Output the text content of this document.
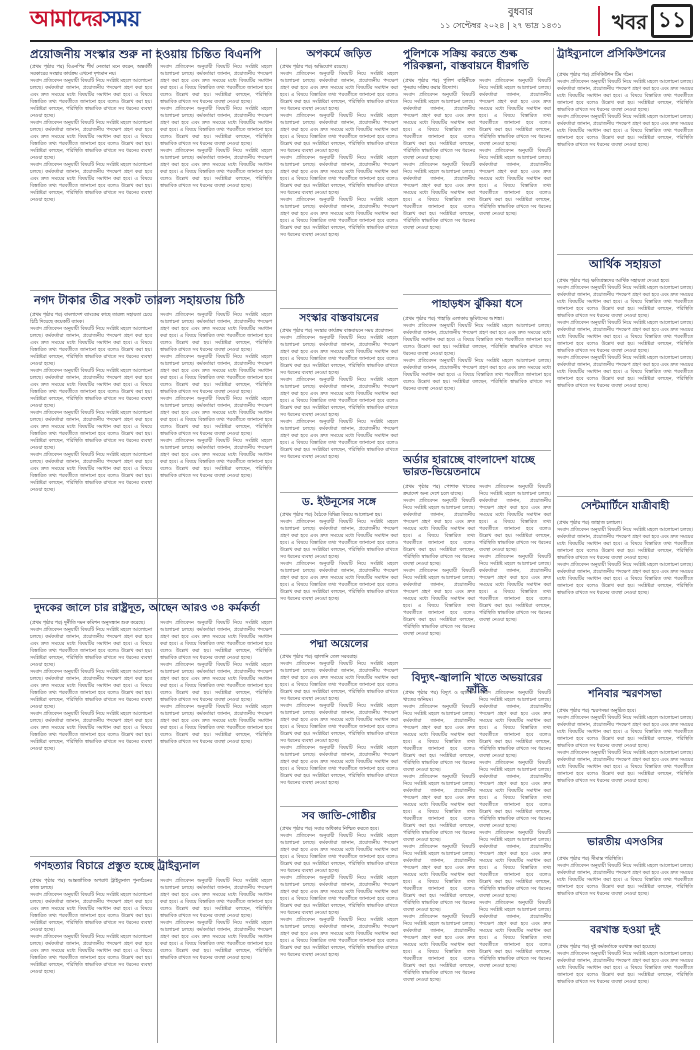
আমাদেরসময়	বুধবার
১১ সেপ্টেম্বর ২০২৪ | ২৭ ভাদ্র ১৪৩১ খবর ১১
প্রয়োজনীয় সংস্কার শুরু না হওয়ায় চিন্তিত বিএনপি
(প্রথম পৃষ্ঠার পর) বিএনপির শীর্ষ নেতারা মনে করেন, অন্তর্বর্তী সরকারের সংস্কার কার্যক্রম এখনো দৃশ্যমান নয়।
সংবাদ প্রতিবেদন অনুযায়ী বিষয়টি নিয়ে সংশ্লিষ্ট মহলে আলোচনা চলছে। কর্মকর্তারা জানান, প্রয়োজনীয় পদক্ষেপ গ্রহণ করা হবে এবং দ্রুত সময়ের মধ্যে বিষয়টির সমাধান করা হবে। এ বিষয়ে বিস্তারিত তথ্য পরবর্তীতে জানানো হবে বলেও উল্লেখ করা হয়। সংশ্লিষ্টরা বলছেন, পরিস্থিতি স্বাভাবিক রাখতে সব ধরনের ব্যবস্থা নেওয়া হচ্ছে।
সংবাদ প্রতিবেদন অনুযায়ী বিষয়টি নিয়ে সংশ্লিষ্ট মহলে আলোচনা চলছে। কর্মকর্তারা জানান, প্রয়োজনীয় পদক্ষেপ গ্রহণ করা হবে এবং দ্রুত সময়ের মধ্যে বিষয়টির সমাধান করা হবে। এ বিষয়ে বিস্তারিত তথ্য পরবর্তীতে জানানো হবে বলেও উল্লেখ করা হয়। সংশ্লিষ্টরা বলছেন, পরিস্থিতি স্বাভাবিক রাখতে সব ধরনের ব্যবস্থা নেওয়া হচ্ছে।
সংবাদ প্রতিবেদন অনুযায়ী বিষয়টি নিয়ে সংশ্লিষ্ট মহলে আলোচনা চলছে। কর্মকর্তারা জানান, প্রয়োজনীয় পদক্ষেপ গ্রহণ করা হবে এবং দ্রুত সময়ের মধ্যে বিষয়টির সমাধান করা হবে। এ বিষয়ে বিস্তারিত তথ্য পরবর্তীতে জানানো হবে বলেও উল্লেখ করা হয়। সংশ্লিষ্টরা বলছেন, পরিস্থিতি স্বাভাবিক রাখতে সব ধরনের ব্যবস্থা নেওয়া হচ্ছে।
সংবাদ প্রতিবেদন অনুযায়ী বিষয়টি নিয়ে সংশ্লিষ্ট মহলে আলোচনা চলছে। কর্মকর্তারা জানান, প্রয়োজনীয় পদক্ষেপ গ্রহণ করা হবে এবং দ্রুত সময়ের মধ্যে বিষয়টির সমাধান করা হবে। এ বিষয়ে বিস্তারিত তথ্য পরবর্তীতে জানানো হবে বলেও উল্লেখ করা হয়। সংশ্লিষ্টরা বলছেন, পরিস্থিতি স্বাভাবিক রাখতে সব ধরনের ব্যবস্থা নেওয়া হচ্ছে।
সংবাদ প্রতিবেদন অনুযায়ী বিষয়টি নিয়ে সংশ্লিষ্ট মহলে আলোচনা চলছে। কর্মকর্তারা জানান, প্রয়োজনীয় পদক্ষেপ গ্রহণ করা হবে এবং দ্রুত সময়ের মধ্যে বিষয়টির সমাধান করা হবে। এ বিষয়ে বিস্তারিত তথ্য পরবর্তীতে জানানো হবে বলেও উল্লেখ করা হয়। সংশ্লিষ্টরা বলছেন, পরিস্থিতি স্বাভাবিক রাখতে সব ধরনের ব্যবস্থা নেওয়া হচ্ছে।
সংবাদ প্রতিবেদন অনুযায়ী বিষয়টি নিয়ে সংশ্লিষ্ট মহলে আলোচনা চলছে। কর্মকর্তারা জানান, প্রয়োজনীয় পদক্ষেপ গ্রহণ করা হবে এবং দ্রুত সময়ের মধ্যে বিষয়টির সমাধান করা হবে। এ বিষয়ে বিস্তারিত তথ্য পরবর্তীতে জানানো হবে বলেও উল্লেখ করা হয়। সংশ্লিষ্টরা বলছেন, পরিস্থিতি স্বাভাবিক রাখতে সব ধরনের ব্যবস্থা নেওয়া হচ্ছে।
নগদ টাকার তীব্র সংকট তারল্য সহায়তায় চিঠি
(প্রথম পৃষ্ঠার পর) বাংলাদেশ ব্যাংকের কাছে তারল্য সহায়তা চেয়ে চিঠি দিয়েছে কয়েকটি ব্যাংক।
সংবাদ প্রতিবেদন অনুযায়ী বিষয়টি নিয়ে সংশ্লিষ্ট মহলে আলোচনা চলছে। কর্মকর্তারা জানান, প্রয়োজনীয় পদক্ষেপ গ্রহণ করা হবে এবং দ্রুত সময়ের মধ্যে বিষয়টির সমাধান করা হবে। এ বিষয়ে বিস্তারিত তথ্য পরবর্তীতে জানানো হবে বলেও উল্লেখ করা হয়। সংশ্লিষ্টরা বলছেন, পরিস্থিতি স্বাভাবিক রাখতে সব ধরনের ব্যবস্থা নেওয়া হচ্ছে।
সংবাদ প্রতিবেদন অনুযায়ী বিষয়টি নিয়ে সংশ্লিষ্ট মহলে আলোচনা চলছে। কর্মকর্তারা জানান, প্রয়োজনীয় পদক্ষেপ গ্রহণ করা হবে এবং দ্রুত সময়ের মধ্যে বিষয়টির সমাধান করা হবে। এ বিষয়ে বিস্তারিত তথ্য পরবর্তীতে জানানো হবে বলেও উল্লেখ করা হয়। সংশ্লিষ্টরা বলছেন, পরিস্থিতি স্বাভাবিক রাখতে সব ধরনের ব্যবস্থা নেওয়া হচ্ছে।
সংবাদ প্রতিবেদন অনুযায়ী বিষয়টি নিয়ে সংশ্লিষ্ট মহলে আলোচনা চলছে। কর্মকর্তারা জানান, প্রয়োজনীয় পদক্ষেপ গ্রহণ করা হবে এবং দ্রুত সময়ের মধ্যে বিষয়টির সমাধান করা হবে। এ বিষয়ে বিস্তারিত তথ্য পরবর্তীতে জানানো হবে বলেও উল্লেখ করা হয়। সংশ্লিষ্টরা বলছেন, পরিস্থিতি স্বাভাবিক রাখতে সব ধরনের ব্যবস্থা নেওয়া হচ্ছে।
সংবাদ প্রতিবেদন অনুযায়ী বিষয়টি নিয়ে সংশ্লিষ্ট মহলে আলোচনা চলছে। কর্মকর্তারা জানান, প্রয়োজনীয় পদক্ষেপ গ্রহণ করা হবে এবং দ্রুত সময়ের মধ্যে বিষয়টির সমাধান করা হবে। এ বিষয়ে বিস্তারিত তথ্য পরবর্তীতে জানানো হবে বলেও উল্লেখ করা হয়। সংশ্লিষ্টরা বলছেন, পরিস্থিতি স্বাভাবিক রাখতে সব ধরনের ব্যবস্থা নেওয়া হচ্ছে।
সংবাদ প্রতিবেদন অনুযায়ী বিষয়টি নিয়ে সংশ্লিষ্ট মহলে আলোচনা চলছে। কর্মকর্তারা জানান, প্রয়োজনীয় পদক্ষেপ গ্রহণ করা হবে এবং দ্রুত সময়ের মধ্যে বিষয়টির সমাধান করা হবে। এ বিষয়ে বিস্তারিত তথ্য পরবর্তীতে জানানো হবে বলেও উল্লেখ করা হয়। সংশ্লিষ্টরা বলছেন, পরিস্থিতি স্বাভাবিক রাখতে সব ধরনের ব্যবস্থা নেওয়া হচ্ছে।
সংবাদ প্রতিবেদন অনুযায়ী বিষয়টি নিয়ে সংশ্লিষ্ট মহলে আলোচনা চলছে। কর্মকর্তারা জানান, প্রয়োজনীয় পদক্ষেপ গ্রহণ করা হবে এবং দ্রুত সময়ের মধ্যে বিষয়টির সমাধান করা হবে। এ বিষয়ে বিস্তারিত তথ্য পরবর্তীতে জানানো হবে বলেও উল্লেখ করা হয়। সংশ্লিষ্টরা বলছেন, পরিস্থিতি স্বাভাবিক রাখতে সব ধরনের ব্যবস্থা নেওয়া হচ্ছে।
সংবাদ প্রতিবেদন অনুযায়ী বিষয়টি নিয়ে সংশ্লিষ্ট মহলে আলোচনা চলছে। কর্মকর্তারা জানান, প্রয়োজনীয় পদক্ষেপ গ্রহণ করা হবে এবং দ্রুত সময়ের মধ্যে বিষয়টির সমাধান করা হবে। এ বিষয়ে বিস্তারিত তথ্য পরবর্তীতে জানানো হবে বলেও উল্লেখ করা হয়। সংশ্লিষ্টরা বলছেন, পরিস্থিতি স্বাভাবিক রাখতে সব ধরনের ব্যবস্থা নেওয়া হচ্ছে।
সংবাদ প্রতিবেদন অনুযায়ী বিষয়টি নিয়ে সংশ্লিষ্ট মহলে আলোচনা চলছে। কর্মকর্তারা জানান, প্রয়োজনীয় পদক্ষেপ গ্রহণ করা হবে এবং দ্রুত সময়ের মধ্যে বিষয়টির সমাধান করা হবে। এ বিষয়ে বিস্তারিত তথ্য পরবর্তীতে জানানো হবে বলেও উল্লেখ করা হয়। সংশ্লিষ্টরা বলছেন, পরিস্থিতি স্বাভাবিক রাখতে সব ধরনের ব্যবস্থা নেওয়া হচ্ছে।
দুদকের জালে চার রাষ্ট্রদূত, আছেন আরও ৩৪ কর্মকর্তা
(প্রথম পৃষ্ঠার পর) দুর্নীতি দমন কমিশন অনুসন্ধান শুরু করেছে।
সংবাদ প্রতিবেদন অনুযায়ী বিষয়টি নিয়ে সংশ্লিষ্ট মহলে আলোচনা চলছে। কর্মকর্তারা জানান, প্রয়োজনীয় পদক্ষেপ গ্রহণ করা হবে এবং দ্রুত সময়ের মধ্যে বিষয়টির সমাধান করা হবে। এ বিষয়ে বিস্তারিত তথ্য পরবর্তীতে জানানো হবে বলেও উল্লেখ করা হয়। সংশ্লিষ্টরা বলছেন, পরিস্থিতি স্বাভাবিক রাখতে সব ধরনের ব্যবস্থা নেওয়া হচ্ছে।
সংবাদ প্রতিবেদন অনুযায়ী বিষয়টি নিয়ে সংশ্লিষ্ট মহলে আলোচনা চলছে। কর্মকর্তারা জানান, প্রয়োজনীয় পদক্ষেপ গ্রহণ করা হবে এবং দ্রুত সময়ের মধ্যে বিষয়টির সমাধান করা হবে। এ বিষয়ে বিস্তারিত তথ্য পরবর্তীতে জানানো হবে বলেও উল্লেখ করা হয়। সংশ্লিষ্টরা বলছেন, পরিস্থিতি স্বাভাবিক রাখতে সব ধরনের ব্যবস্থা নেওয়া হচ্ছে।
সংবাদ প্রতিবেদন অনুযায়ী বিষয়টি নিয়ে সংশ্লিষ্ট মহলে আলোচনা চলছে। কর্মকর্তারা জানান, প্রয়োজনীয় পদক্ষেপ গ্রহণ করা হবে এবং দ্রুত সময়ের মধ্যে বিষয়টির সমাধান করা হবে। এ বিষয়ে বিস্তারিত তথ্য পরবর্তীতে জানানো হবে বলেও উল্লেখ করা হয়। সংশ্লিষ্টরা বলছেন, পরিস্থিতি স্বাভাবিক রাখতে সব ধরনের ব্যবস্থা নেওয়া হচ্ছে।
সংবাদ প্রতিবেদন অনুযায়ী বিষয়টি নিয়ে সংশ্লিষ্ট মহলে আলোচনা চলছে। কর্মকর্তারা জানান, প্রয়োজনীয় পদক্ষেপ গ্রহণ করা হবে এবং দ্রুত সময়ের মধ্যে বিষয়টির সমাধান করা হবে। এ বিষয়ে বিস্তারিত তথ্য পরবর্তীতে জানানো হবে বলেও উল্লেখ করা হয়। সংশ্লিষ্টরা বলছেন, পরিস্থিতি স্বাভাবিক রাখতে সব ধরনের ব্যবস্থা নেওয়া হচ্ছে।
সংবাদ প্রতিবেদন অনুযায়ী বিষয়টি নিয়ে সংশ্লিষ্ট মহলে আলোচনা চলছে। কর্মকর্তারা জানান, প্রয়োজনীয় পদক্ষেপ গ্রহণ করা হবে এবং দ্রুত সময়ের মধ্যে বিষয়টির সমাধান করা হবে। এ বিষয়ে বিস্তারিত তথ্য পরবর্তীতে জানানো হবে বলেও উল্লেখ করা হয়। সংশ্লিষ্টরা বলছেন, পরিস্থিতি স্বাভাবিক রাখতে সব ধরনের ব্যবস্থা নেওয়া হচ্ছে।
সংবাদ প্রতিবেদন অনুযায়ী বিষয়টি নিয়ে সংশ্লিষ্ট মহলে আলোচনা চলছে। কর্মকর্তারা জানান, প্রয়োজনীয় পদক্ষেপ গ্রহণ করা হবে এবং দ্রুত সময়ের মধ্যে বিষয়টির সমাধান করা হবে। এ বিষয়ে বিস্তারিত তথ্য পরবর্তীতে জানানো হবে বলেও উল্লেখ করা হয়। সংশ্লিষ্টরা বলছেন, পরিস্থিতি স্বাভাবিক রাখতে সব ধরনের ব্যবস্থা নেওয়া হচ্ছে।
গণহত্যার বিচারে প্রস্তুত হচ্ছে ট্রাইব্যুনাল
(প্রথম পৃষ্ঠার পর) আন্তর্জাতিক অপরাধ ট্রাইব্যুনাল পুনর্গঠনের কাজ চলছে।
সংবাদ প্রতিবেদন অনুযায়ী বিষয়টি নিয়ে সংশ্লিষ্ট মহলে আলোচনা চলছে। কর্মকর্তারা জানান, প্রয়োজনীয় পদক্ষেপ গ্রহণ করা হবে এবং দ্রুত সময়ের মধ্যে বিষয়টির সমাধান করা হবে। এ বিষয়ে বিস্তারিত তথ্য পরবর্তীতে জানানো হবে বলেও উল্লেখ করা হয়। সংশ্লিষ্টরা বলছেন, পরিস্থিতি স্বাভাবিক রাখতে সব ধরনের ব্যবস্থা নেওয়া হচ্ছে।
সংবাদ প্রতিবেদন অনুযায়ী বিষয়টি নিয়ে সংশ্লিষ্ট মহলে আলোচনা চলছে। কর্মকর্তারা জানান, প্রয়োজনীয় পদক্ষেপ গ্রহণ করা হবে এবং দ্রুত সময়ের মধ্যে বিষয়টির সমাধান করা হবে। এ বিষয়ে বিস্তারিত তথ্য পরবর্তীতে জানানো হবে বলেও উল্লেখ করা হয়। সংশ্লিষ্টরা বলছেন, পরিস্থিতি স্বাভাবিক রাখতে সব ধরনের ব্যবস্থা নেওয়া হচ্ছে।
সংবাদ প্রতিবেদন অনুযায়ী বিষয়টি নিয়ে সংশ্লিষ্ট মহলে আলোচনা চলছে। কর্মকর্তারা জানান, প্রয়োজনীয় পদক্ষেপ গ্রহণ করা হবে এবং দ্রুত সময়ের মধ্যে বিষয়টির সমাধান করা হবে। এ বিষয়ে বিস্তারিত তথ্য পরবর্তীতে জানানো হবে বলেও উল্লেখ করা হয়। সংশ্লিষ্টরা বলছেন, পরিস্থিতি স্বাভাবিক রাখতে সব ধরনের ব্যবস্থা নেওয়া হচ্ছে।
সংবাদ প্রতিবেদন অনুযায়ী বিষয়টি নিয়ে সংশ্লিষ্ট মহলে আলোচনা চলছে। কর্মকর্তারা জানান, প্রয়োজনীয় পদক্ষেপ গ্রহণ করা হবে এবং দ্রুত সময়ের মধ্যে বিষয়টির সমাধান করা হবে। এ বিষয়ে বিস্তারিত তথ্য পরবর্তীতে জানানো হবে বলেও উল্লেখ করা হয়। সংশ্লিষ্টরা বলছেন, পরিস্থিতি স্বাভাবিক রাখতে সব ধরনের ব্যবস্থা নেওয়া হচ্ছে।
অপকর্মে জড়িত
(প্রথম পৃষ্ঠার পর) অভিযোগ রয়েছে।
সংবাদ প্রতিবেদন অনুযায়ী বিষয়টি নিয়ে সংশ্লিষ্ট মহলে আলোচনা চলছে। কর্মকর্তারা জানান, প্রয়োজনীয় পদক্ষেপ গ্রহণ করা হবে এবং দ্রুত সময়ের মধ্যে বিষয়টির সমাধান করা হবে। এ বিষয়ে বিস্তারিত তথ্য পরবর্তীতে জানানো হবে বলেও উল্লেখ করা হয়। সংশ্লিষ্টরা বলছেন, পরিস্থিতি স্বাভাবিক রাখতে সব ধরনের ব্যবস্থা নেওয়া হচ্ছে।
সংবাদ প্রতিবেদন অনুযায়ী বিষয়টি নিয়ে সংশ্লিষ্ট মহলে আলোচনা চলছে। কর্মকর্তারা জানান, প্রয়োজনীয় পদক্ষেপ গ্রহণ করা হবে এবং দ্রুত সময়ের মধ্যে বিষয়টির সমাধান করা হবে। এ বিষয়ে বিস্তারিত তথ্য পরবর্তীতে জানানো হবে বলেও উল্লেখ করা হয়। সংশ্লিষ্টরা বলছেন, পরিস্থিতি স্বাভাবিক রাখতে সব ধরনের ব্যবস্থা নেওয়া হচ্ছে।
সংবাদ প্রতিবেদন অনুযায়ী বিষয়টি নিয়ে সংশ্লিষ্ট মহলে আলোচনা চলছে। কর্মকর্তারা জানান, প্রয়োজনীয় পদক্ষেপ গ্রহণ করা হবে এবং দ্রুত সময়ের মধ্যে বিষয়টির সমাধান করা হবে। এ বিষয়ে বিস্তারিত তথ্য পরবর্তীতে জানানো হবে বলেও উল্লেখ করা হয়। সংশ্লিষ্টরা বলছেন, পরিস্থিতি স্বাভাবিক রাখতে সব ধরনের ব্যবস্থা নেওয়া হচ্ছে।
সংবাদ প্রতিবেদন অনুযায়ী বিষয়টি নিয়ে সংশ্লিষ্ট মহলে আলোচনা চলছে। কর্মকর্তারা জানান, প্রয়োজনীয় পদক্ষেপ গ্রহণ করা হবে এবং দ্রুত সময়ের মধ্যে বিষয়টির সমাধান করা হবে। এ বিষয়ে বিস্তারিত তথ্য পরবর্তীতে জানানো হবে বলেও উল্লেখ করা হয়। সংশ্লিষ্টরা বলছেন, পরিস্থিতি স্বাভাবিক রাখতে সব ধরনের ব্যবস্থা নেওয়া হচ্ছে।
সংস্কার বাস্তবায়নের
(প্রথম পৃষ্ঠার পর) সংস্কার কার্যক্রম বাস্তবায়নে সময় প্রয়োজন।
সংবাদ প্রতিবেদন অনুযায়ী বিষয়টি নিয়ে সংশ্লিষ্ট মহলে আলোচনা চলছে। কর্মকর্তারা জানান, প্রয়োজনীয় পদক্ষেপ গ্রহণ করা হবে এবং দ্রুত সময়ের মধ্যে বিষয়টির সমাধান করা হবে। এ বিষয়ে বিস্তারিত তথ্য পরবর্তীতে জানানো হবে বলেও উল্লেখ করা হয়। সংশ্লিষ্টরা বলছেন, পরিস্থিতি স্বাভাবিক রাখতে সব ধরনের ব্যবস্থা নেওয়া হচ্ছে।
সংবাদ প্রতিবেদন অনুযায়ী বিষয়টি নিয়ে সংশ্লিষ্ট মহলে আলোচনা চলছে। কর্মকর্তারা জানান, প্রয়োজনীয় পদক্ষেপ গ্রহণ করা হবে এবং দ্রুত সময়ের মধ্যে বিষয়টির সমাধান করা হবে। এ বিষয়ে বিস্তারিত তথ্য পরবর্তীতে জানানো হবে বলেও উল্লেখ করা হয়। সংশ্লিষ্টরা বলছেন, পরিস্থিতি স্বাভাবিক রাখতে সব ধরনের ব্যবস্থা নেওয়া হচ্ছে।
সংবাদ প্রতিবেদন অনুযায়ী বিষয়টি নিয়ে সংশ্লিষ্ট মহলে আলোচনা চলছে। কর্মকর্তারা জানান, প্রয়োজনীয় পদক্ষেপ গ্রহণ করা হবে এবং দ্রুত সময়ের মধ্যে বিষয়টির সমাধান করা হবে। এ বিষয়ে বিস্তারিত তথ্য পরবর্তীতে জানানো হবে বলেও উল্লেখ করা হয়। সংশ্লিষ্টরা বলছেন, পরিস্থিতি স্বাভাবিক রাখতে সব ধরনের ব্যবস্থা নেওয়া হচ্ছে।
ড. ইউনূসের সঙ্গে
(প্রথম পৃষ্ঠার পর) বৈঠকে বিভিন্ন বিষয়ে আলোচনা হয়।
সংবাদ প্রতিবেদন অনুযায়ী বিষয়টি নিয়ে সংশ্লিষ্ট মহলে আলোচনা চলছে। কর্মকর্তারা জানান, প্রয়োজনীয় পদক্ষেপ গ্রহণ করা হবে এবং দ্রুত সময়ের মধ্যে বিষয়টির সমাধান করা হবে। এ বিষয়ে বিস্তারিত তথ্য পরবর্তীতে জানানো হবে বলেও উল্লেখ করা হয়। সংশ্লিষ্টরা বলছেন, পরিস্থিতি স্বাভাবিক রাখতে সব ধরনের ব্যবস্থা নেওয়া হচ্ছে।
সংবাদ প্রতিবেদন অনুযায়ী বিষয়টি নিয়ে সংশ্লিষ্ট মহলে আলোচনা চলছে। কর্মকর্তারা জানান, প্রয়োজনীয় পদক্ষেপ গ্রহণ করা হবে এবং দ্রুত সময়ের মধ্যে বিষয়টির সমাধান করা হবে। এ বিষয়ে বিস্তারিত তথ্য পরবর্তীতে জানানো হবে বলেও উল্লেখ করা হয়। সংশ্লিষ্টরা বলছেন, পরিস্থিতি স্বাভাবিক রাখতে সব ধরনের ব্যবস্থা নেওয়া হচ্ছে।
পদ্মা অয়েলের
(প্রথম পৃষ্ঠার পর) জ্বালানি তেল সরবরাহ।
সংবাদ প্রতিবেদন অনুযায়ী বিষয়টি নিয়ে সংশ্লিষ্ট মহলে আলোচনা চলছে। কর্মকর্তারা জানান, প্রয়োজনীয় পদক্ষেপ গ্রহণ করা হবে এবং দ্রুত সময়ের মধ্যে বিষয়টির সমাধান করা হবে। এ বিষয়ে বিস্তারিত তথ্য পরবর্তীতে জানানো হবে বলেও উল্লেখ করা হয়। সংশ্লিষ্টরা বলছেন, পরিস্থিতি স্বাভাবিক রাখতে সব ধরনের ব্যবস্থা নেওয়া হচ্ছে।
সংবাদ প্রতিবেদন অনুযায়ী বিষয়টি নিয়ে সংশ্লিষ্ট মহলে আলোচনা চলছে। কর্মকর্তারা জানান, প্রয়োজনীয় পদক্ষেপ গ্রহণ করা হবে এবং দ্রুত সময়ের মধ্যে বিষয়টির সমাধান করা হবে। এ বিষয়ে বিস্তারিত তথ্য পরবর্তীতে জানানো হবে বলেও উল্লেখ করা হয়। সংশ্লিষ্টরা বলছেন, পরিস্থিতি স্বাভাবিক রাখতে সব ধরনের ব্যবস্থা নেওয়া হচ্ছে।
সংবাদ প্রতিবেদন অনুযায়ী বিষয়টি নিয়ে সংশ্লিষ্ট মহলে আলোচনা চলছে। কর্মকর্তারা জানান, প্রয়োজনীয় পদক্ষেপ গ্রহণ করা হবে এবং দ্রুত সময়ের মধ্যে বিষয়টির সমাধান করা হবে। এ বিষয়ে বিস্তারিত তথ্য পরবর্তীতে জানানো হবে বলেও উল্লেখ করা হয়। সংশ্লিষ্টরা বলছেন, পরিস্থিতি স্বাভাবিক রাখতে সব ধরনের ব্যবস্থা নেওয়া হচ্ছে।
সব জাতি-গোষ্ঠীর
(প্রথম পৃষ্ঠার পর) সবার অধিকার নিশ্চিত করতে হবে।
সংবাদ প্রতিবেদন অনুযায়ী বিষয়টি নিয়ে সংশ্লিষ্ট মহলে আলোচনা চলছে। কর্মকর্তারা জানান, প্রয়োজনীয় পদক্ষেপ গ্রহণ করা হবে এবং দ্রুত সময়ের মধ্যে বিষয়টির সমাধান করা হবে। এ বিষয়ে বিস্তারিত তথ্য পরবর্তীতে জানানো হবে বলেও উল্লেখ করা হয়। সংশ্লিষ্টরা বলছেন, পরিস্থিতি স্বাভাবিক রাখতে সব ধরনের ব্যবস্থা নেওয়া হচ্ছে।
সংবাদ প্রতিবেদন অনুযায়ী বিষয়টি নিয়ে সংশ্লিষ্ট মহলে আলোচনা চলছে। কর্মকর্তারা জানান, প্রয়োজনীয় পদক্ষেপ গ্রহণ করা হবে এবং দ্রুত সময়ের মধ্যে বিষয়টির সমাধান করা হবে। এ বিষয়ে বিস্তারিত তথ্য পরবর্তীতে জানানো হবে বলেও উল্লেখ করা হয়। সংশ্লিষ্টরা বলছেন, পরিস্থিতি স্বাভাবিক রাখতে সব ধরনের ব্যবস্থা নেওয়া হচ্ছে।
সংবাদ প্রতিবেদন অনুযায়ী বিষয়টি নিয়ে সংশ্লিষ্ট মহলে আলোচনা চলছে। কর্মকর্তারা জানান, প্রয়োজনীয় পদক্ষেপ গ্রহণ করা হবে এবং দ্রুত সময়ের মধ্যে বিষয়টির সমাধান করা হবে। এ বিষয়ে বিস্তারিত তথ্য পরবর্তীতে জানানো হবে বলেও উল্লেখ করা হয়। সংশ্লিষ্টরা বলছেন, পরিস্থিতি স্বাভাবিক রাখতে সব ধরনের ব্যবস্থা নেওয়া হচ্ছে।
পুলিশকে সক্রিয় করতে শুল্ক পরিকল্পনা, বাস্তবায়নে ধীরগতি
(প্রথম পৃষ্ঠার পর) পুলিশ বাহিনীকে পুনরায় সক্রিয় করার উদ্যোগ।
সংবাদ প্রতিবেদন অনুযায়ী বিষয়টি নিয়ে সংশ্লিষ্ট মহলে আলোচনা চলছে। কর্মকর্তারা জানান, প্রয়োজনীয় পদক্ষেপ গ্রহণ করা হবে এবং দ্রুত সময়ের মধ্যে বিষয়টির সমাধান করা হবে। এ বিষয়ে বিস্তারিত তথ্য পরবর্তীতে জানানো হবে বলেও উল্লেখ করা হয়। সংশ্লিষ্টরা বলছেন, পরিস্থিতি স্বাভাবিক রাখতে সব ধরনের ব্যবস্থা নেওয়া হচ্ছে।
সংবাদ প্রতিবেদন অনুযায়ী বিষয়টি নিয়ে সংশ্লিষ্ট মহলে আলোচনা চলছে। কর্মকর্তারা জানান, প্রয়োজনীয় পদক্ষেপ গ্রহণ করা হবে এবং দ্রুত সময়ের মধ্যে বিষয়টির সমাধান করা হবে। এ বিষয়ে বিস্তারিত তথ্য পরবর্তীতে জানানো হবে বলেও উল্লেখ করা হয়। সংশ্লিষ্টরা বলছেন, পরিস্থিতি স্বাভাবিক রাখতে সব ধরনের ব্যবস্থা নেওয়া হচ্ছে।
সংবাদ প্রতিবেদন অনুযায়ী বিষয়টি নিয়ে সংশ্লিষ্ট মহলে আলোচনা চলছে। কর্মকর্তারা জানান, প্রয়োজনীয় পদক্ষেপ গ্রহণ করা হবে এবং দ্রুত সময়ের মধ্যে বিষয়টির সমাধান করা হবে। এ বিষয়ে বিস্তারিত তথ্য পরবর্তীতে জানানো হবে বলেও উল্লেখ করা হয়। সংশ্লিষ্টরা বলছেন, পরিস্থিতি স্বাভাবিক রাখতে সব ধরনের ব্যবস্থা নেওয়া হচ্ছে।
সংবাদ প্রতিবেদন অনুযায়ী বিষয়টি নিয়ে সংশ্লিষ্ট মহলে আলোচনা চলছে। কর্মকর্তারা জানান, প্রয়োজনীয় পদক্ষেপ গ্রহণ করা হবে এবং দ্রুত সময়ের মধ্যে বিষয়টির সমাধান করা হবে। এ বিষয়ে বিস্তারিত তথ্য পরবর্তীতে জানানো হবে বলেও উল্লেখ করা হয়। সংশ্লিষ্টরা বলছেন, পরিস্থিতি স্বাভাবিক রাখতে সব ধরনের ব্যবস্থা নেওয়া হচ্ছে।
পাহাড়ধস ঝুঁকিয়া ধসে
(প্রথম পৃষ্ঠার পর) পাহাড়ি এলাকায় ভূমিধসের আশঙ্কা।
সংবাদ প্রতিবেদন অনুযায়ী বিষয়টি নিয়ে সংশ্লিষ্ট মহলে আলোচনা চলছে। কর্মকর্তারা জানান, প্রয়োজনীয় পদক্ষেপ গ্রহণ করা হবে এবং দ্রুত সময়ের মধ্যে বিষয়টির সমাধান করা হবে। এ বিষয়ে বিস্তারিত তথ্য পরবর্তীতে জানানো হবে বলেও উল্লেখ করা হয়। সংশ্লিষ্টরা বলছেন, পরিস্থিতি স্বাভাবিক রাখতে সব ধরনের ব্যবস্থা নেওয়া হচ্ছে।
সংবাদ প্রতিবেদন অনুযায়ী বিষয়টি নিয়ে সংশ্লিষ্ট মহলে আলোচনা চলছে। কর্মকর্তারা জানান, প্রয়োজনীয় পদক্ষেপ গ্রহণ করা হবে এবং দ্রুত সময়ের মধ্যে বিষয়টির সমাধান করা হবে। এ বিষয়ে বিস্তারিত তথ্য পরবর্তীতে জানানো হবে বলেও উল্লেখ করা হয়। সংশ্লিষ্টরা বলছেন, পরিস্থিতি স্বাভাবিক রাখতে সব ধরনের ব্যবস্থা নেওয়া হচ্ছে।
অর্ডার হারাচ্ছে বাংলাদেশ যাচ্ছে ভারত-ভিয়েতনামে
(প্রথম পৃষ্ঠার পর) পোশাক খাতের ক্রয়াদেশ অন্য দেশে চলে যাচ্ছে।
সংবাদ প্রতিবেদন অনুযায়ী বিষয়টি নিয়ে সংশ্লিষ্ট মহলে আলোচনা চলছে। কর্মকর্তারা জানান, প্রয়োজনীয় পদক্ষেপ গ্রহণ করা হবে এবং দ্রুত সময়ের মধ্যে বিষয়টির সমাধান করা হবে। এ বিষয়ে বিস্তারিত তথ্য পরবর্তীতে জানানো হবে বলেও উল্লেখ করা হয়। সংশ্লিষ্টরা বলছেন, পরিস্থিতি স্বাভাবিক রাখতে সব ধরনের ব্যবস্থা নেওয়া হচ্ছে।
সংবাদ প্রতিবেদন অনুযায়ী বিষয়টি নিয়ে সংশ্লিষ্ট মহলে আলোচনা চলছে। কর্মকর্তারা জানান, প্রয়োজনীয় পদক্ষেপ গ্রহণ করা হবে এবং দ্রুত সময়ের মধ্যে বিষয়টির সমাধান করা হবে। এ বিষয়ে বিস্তারিত তথ্য পরবর্তীতে জানানো হবে বলেও উল্লেখ করা হয়। সংশ্লিষ্টরা বলছেন, পরিস্থিতি স্বাভাবিক রাখতে সব ধরনের ব্যবস্থা নেওয়া হচ্ছে।
সংবাদ প্রতিবেদন অনুযায়ী বিষয়টি নিয়ে সংশ্লিষ্ট মহলে আলোচনা চলছে। কর্মকর্তারা জানান, প্রয়োজনীয় পদক্ষেপ গ্রহণ করা হবে এবং দ্রুত সময়ের মধ্যে বিষয়টির সমাধান করা হবে। এ বিষয়ে বিস্তারিত তথ্য পরবর্তীতে জানানো হবে বলেও উল্লেখ করা হয়। সংশ্লিষ্টরা বলছেন, পরিস্থিতি স্বাভাবিক রাখতে সব ধরনের ব্যবস্থা নেওয়া হচ্ছে।
সংবাদ প্রতিবেদন অনুযায়ী বিষয়টি নিয়ে সংশ্লিষ্ট মহলে আলোচনা চলছে। কর্মকর্তারা জানান, প্রয়োজনীয় পদক্ষেপ গ্রহণ করা হবে এবং দ্রুত সময়ের মধ্যে বিষয়টির সমাধান করা হবে। এ বিষয়ে বিস্তারিত তথ্য পরবর্তীতে জানানো হবে বলেও উল্লেখ করা হয়। সংশ্লিষ্টরা বলছেন, পরিস্থিতি স্বাভাবিক রাখতে সব ধরনের ব্যবস্থা নেওয়া হচ্ছে।
বিদ্যুৎ-জ্বালানি খাতে অভয়ারের ফাঁকি
(প্রথম পৃষ্ঠার পর) বিদ্যুৎ ও জ্বালানি খাতের অনিয়ম।
সংবাদ প্রতিবেদন অনুযায়ী বিষয়টি নিয়ে সংশ্লিষ্ট মহলে আলোচনা চলছে। কর্মকর্তারা জানান, প্রয়োজনীয় পদক্ষেপ গ্রহণ করা হবে এবং দ্রুত সময়ের মধ্যে বিষয়টির সমাধান করা হবে। এ বিষয়ে বিস্তারিত তথ্য পরবর্তীতে জানানো হবে বলেও উল্লেখ করা হয়। সংশ্লিষ্টরা বলছেন, পরিস্থিতি স্বাভাবিক রাখতে সব ধরনের ব্যবস্থা নেওয়া হচ্ছে।
সংবাদ প্রতিবেদন অনুযায়ী বিষয়টি নিয়ে সংশ্লিষ্ট মহলে আলোচনা চলছে। কর্মকর্তারা জানান, প্রয়োজনীয় পদক্ষেপ গ্রহণ করা হবে এবং দ্রুত সময়ের মধ্যে বিষয়টির সমাধান করা হবে। এ বিষয়ে বিস্তারিত তথ্য পরবর্তীতে জানানো হবে বলেও উল্লেখ করা হয়। সংশ্লিষ্টরা বলছেন, পরিস্থিতি স্বাভাবিক রাখতে সব ধরনের ব্যবস্থা নেওয়া হচ্ছে।
সংবাদ প্রতিবেদন অনুযায়ী বিষয়টি নিয়ে সংশ্লিষ্ট মহলে আলোচনা চলছে। কর্মকর্তারা জানান, প্রয়োজনীয় পদক্ষেপ গ্রহণ করা হবে এবং দ্রুত সময়ের মধ্যে বিষয়টির সমাধান করা হবে। এ বিষয়ে বিস্তারিত তথ্য পরবর্তীতে জানানো হবে বলেও উল্লেখ করা হয়। সংশ্লিষ্টরা বলছেন, পরিস্থিতি স্বাভাবিক রাখতে সব ধরনের ব্যবস্থা নেওয়া হচ্ছে।
সংবাদ প্রতিবেদন অনুযায়ী বিষয়টি নিয়ে সংশ্লিষ্ট মহলে আলোচনা চলছে। কর্মকর্তারা জানান, প্রয়োজনীয় পদক্ষেপ গ্রহণ করা হবে এবং দ্রুত সময়ের মধ্যে বিষয়টির সমাধান করা হবে। এ বিষয়ে বিস্তারিত তথ্য পরবর্তীতে জানানো হবে বলেও উল্লেখ করা হয়। সংশ্লিষ্টরা বলছেন, পরিস্থিতি স্বাভাবিক রাখতে সব ধরনের ব্যবস্থা নেওয়া হচ্ছে।
সংবাদ প্রতিবেদন অনুযায়ী বিষয়টি নিয়ে সংশ্লিষ্ট মহলে আলোচনা চলছে। কর্মকর্তারা জানান, প্রয়োজনীয় পদক্ষেপ গ্রহণ করা হবে এবং দ্রুত সময়ের মধ্যে বিষয়টির সমাধান করা হবে। এ বিষয়ে বিস্তারিত তথ্য পরবর্তীতে জানানো হবে বলেও উল্লেখ করা হয়। সংশ্লিষ্টরা বলছেন, পরিস্থিতি স্বাভাবিক রাখতে সব ধরনের ব্যবস্থা নেওয়া হচ্ছে।
সংবাদ প্রতিবেদন অনুযায়ী বিষয়টি নিয়ে সংশ্লিষ্ট মহলে আলোচনা চলছে। কর্মকর্তারা জানান, প্রয়োজনীয় পদক্ষেপ গ্রহণ করা হবে এবং দ্রুত সময়ের মধ্যে বিষয়টির সমাধান করা হবে। এ বিষয়ে বিস্তারিত তথ্য পরবর্তীতে জানানো হবে বলেও উল্লেখ করা হয়। সংশ্লিষ্টরা বলছেন, পরিস্থিতি স্বাভাবিক রাখতে সব ধরনের ব্যবস্থা নেওয়া হচ্ছে।
সংবাদ প্রতিবেদন অনুযায়ী বিষয়টি নিয়ে সংশ্লিষ্ট মহলে আলোচনা চলছে। কর্মকর্তারা জানান, প্রয়োজনীয় পদক্ষেপ গ্রহণ করা হবে এবং দ্রুত সময়ের মধ্যে বিষয়টির সমাধান করা হবে। এ বিষয়ে বিস্তারিত তথ্য পরবর্তীতে জানানো হবে বলেও উল্লেখ করা হয়। সংশ্লিষ্টরা বলছেন, পরিস্থিতি স্বাভাবিক রাখতে সব ধরনের ব্যবস্থা নেওয়া হচ্ছে।
সংবাদ প্রতিবেদন অনুযায়ী বিষয়টি নিয়ে সংশ্লিষ্ট মহলে আলোচনা চলছে। কর্মকর্তারা জানান, প্রয়োজনীয় পদক্ষেপ গ্রহণ করা হবে এবং দ্রুত সময়ের মধ্যে বিষয়টির সমাধান করা হবে। এ বিষয়ে বিস্তারিত তথ্য পরবর্তীতে জানানো হবে বলেও উল্লেখ করা হয়। সংশ্লিষ্টরা বলছেন, পরিস্থিতি স্বাভাবিক রাখতে সব ধরনের ব্যবস্থা নেওয়া হচ্ছে।
ট্রাইব্যুনালে প্রসিকিউশনের
(প্রথম পৃষ্ঠার পর) প্রসিকিউশন টিম গঠন।
সংবাদ প্রতিবেদন অনুযায়ী বিষয়টি নিয়ে সংশ্লিষ্ট মহলে আলোচনা চলছে। কর্মকর্তারা জানান, প্রয়োজনীয় পদক্ষেপ গ্রহণ করা হবে এবং দ্রুত সময়ের মধ্যে বিষয়টির সমাধান করা হবে। এ বিষয়ে বিস্তারিত তথ্য পরবর্তীতে জানানো হবে বলেও উল্লেখ করা হয়। সংশ্লিষ্টরা বলছেন, পরিস্থিতি স্বাভাবিক রাখতে সব ধরনের ব্যবস্থা নেওয়া হচ্ছে।
সংবাদ প্রতিবেদন অনুযায়ী বিষয়টি নিয়ে সংশ্লিষ্ট মহলে আলোচনা চলছে। কর্মকর্তারা জানান, প্রয়োজনীয় পদক্ষেপ গ্রহণ করা হবে এবং দ্রুত সময়ের মধ্যে বিষয়টির সমাধান করা হবে। এ বিষয়ে বিস্তারিত তথ্য পরবর্তীতে জানানো হবে বলেও উল্লেখ করা হয়। সংশ্লিষ্টরা বলছেন, পরিস্থিতি স্বাভাবিক রাখতে সব ধরনের ব্যবস্থা নেওয়া হচ্ছে।
আর্থিক সহায়তা
(প্রথম পৃষ্ঠার পর) ক্ষতিগ্রস্তদের আর্থিক সহায়তা দেওয়া হবে।
সংবাদ প্রতিবেদন অনুযায়ী বিষয়টি নিয়ে সংশ্লিষ্ট মহলে আলোচনা চলছে। কর্মকর্তারা জানান, প্রয়োজনীয় পদক্ষেপ গ্রহণ করা হবে এবং দ্রুত সময়ের মধ্যে বিষয়টির সমাধান করা হবে। এ বিষয়ে বিস্তারিত তথ্য পরবর্তীতে জানানো হবে বলেও উল্লেখ করা হয়। সংশ্লিষ্টরা বলছেন, পরিস্থিতি স্বাভাবিক রাখতে সব ধরনের ব্যবস্থা নেওয়া হচ্ছে।
সংবাদ প্রতিবেদন অনুযায়ী বিষয়টি নিয়ে সংশ্লিষ্ট মহলে আলোচনা চলছে। কর্মকর্তারা জানান, প্রয়োজনীয় পদক্ষেপ গ্রহণ করা হবে এবং দ্রুত সময়ের মধ্যে বিষয়টির সমাধান করা হবে। এ বিষয়ে বিস্তারিত তথ্য পরবর্তীতে জানানো হবে বলেও উল্লেখ করা হয়। সংশ্লিষ্টরা বলছেন, পরিস্থিতি স্বাভাবিক রাখতে সব ধরনের ব্যবস্থা নেওয়া হচ্ছে।
সংবাদ প্রতিবেদন অনুযায়ী বিষয়টি নিয়ে সংশ্লিষ্ট মহলে আলোচনা চলছে। কর্মকর্তারা জানান, প্রয়োজনীয় পদক্ষেপ গ্রহণ করা হবে এবং দ্রুত সময়ের মধ্যে বিষয়টির সমাধান করা হবে। এ বিষয়ে বিস্তারিত তথ্য পরবর্তীতে জানানো হবে বলেও উল্লেখ করা হয়। সংশ্লিষ্টরা বলছেন, পরিস্থিতি স্বাভাবিক রাখতে সব ধরনের ব্যবস্থা নেওয়া হচ্ছে।
সেন্টমার্টিনে যাত্রীবাহী
(প্রথম পৃষ্ঠার পর) জাহাজ চলাচল।
সংবাদ প্রতিবেদন অনুযায়ী বিষয়টি নিয়ে সংশ্লিষ্ট মহলে আলোচনা চলছে। কর্মকর্তারা জানান, প্রয়োজনীয় পদক্ষেপ গ্রহণ করা হবে এবং দ্রুত সময়ের মধ্যে বিষয়টির সমাধান করা হবে। এ বিষয়ে বিস্তারিত তথ্য পরবর্তীতে জানানো হবে বলেও উল্লেখ করা হয়। সংশ্লিষ্টরা বলছেন, পরিস্থিতি স্বাভাবিক রাখতে সব ধরনের ব্যবস্থা নেওয়া হচ্ছে।
সংবাদ প্রতিবেদন অনুযায়ী বিষয়টি নিয়ে সংশ্লিষ্ট মহলে আলোচনা চলছে। কর্মকর্তারা জানান, প্রয়োজনীয় পদক্ষেপ গ্রহণ করা হবে এবং দ্রুত সময়ের মধ্যে বিষয়টির সমাধান করা হবে। এ বিষয়ে বিস্তারিত তথ্য পরবর্তীতে জানানো হবে বলেও উল্লেখ করা হয়। সংশ্লিষ্টরা বলছেন, পরিস্থিতি স্বাভাবিক রাখতে সব ধরনের ব্যবস্থা নেওয়া হচ্ছে।
শনিবার স্মরণসভা
(প্রথম পৃষ্ঠার পর) স্মরণসভা অনুষ্ঠিত হবে।
সংবাদ প্রতিবেদন অনুযায়ী বিষয়টি নিয়ে সংশ্লিষ্ট মহলে আলোচনা চলছে। কর্মকর্তারা জানান, প্রয়োজনীয় পদক্ষেপ গ্রহণ করা হবে এবং দ্রুত সময়ের মধ্যে বিষয়টির সমাধান করা হবে। এ বিষয়ে বিস্তারিত তথ্য পরবর্তীতে জানানো হবে বলেও উল্লেখ করা হয়। সংশ্লিষ্টরা বলছেন, পরিস্থিতি স্বাভাবিক রাখতে সব ধরনের ব্যবস্থা নেওয়া হচ্ছে।
সংবাদ প্রতিবেদন অনুযায়ী বিষয়টি নিয়ে সংশ্লিষ্ট মহলে আলোচনা চলছে। কর্মকর্তারা জানান, প্রয়োজনীয় পদক্ষেপ গ্রহণ করা হবে এবং দ্রুত সময়ের মধ্যে বিষয়টির সমাধান করা হবে। এ বিষয়ে বিস্তারিত তথ্য পরবর্তীতে জানানো হবে বলেও উল্লেখ করা হয়। সংশ্লিষ্টরা বলছেন, পরিস্থিতি স্বাভাবিক রাখতে সব ধরনের ব্যবস্থা নেওয়া হচ্ছে।
ভারতীয় এসওসির
(প্রথম পৃষ্ঠার পর) সীমান্ত পরিস্থিতি।
সংবাদ প্রতিবেদন অনুযায়ী বিষয়টি নিয়ে সংশ্লিষ্ট মহলে আলোচনা চলছে। কর্মকর্তারা জানান, প্রয়োজনীয় পদক্ষেপ গ্রহণ করা হবে এবং দ্রুত সময়ের মধ্যে বিষয়টির সমাধান করা হবে। এ বিষয়ে বিস্তারিত তথ্য পরবর্তীতে জানানো হবে বলেও উল্লেখ করা হয়। সংশ্লিষ্টরা বলছেন, পরিস্থিতি স্বাভাবিক রাখতে সব ধরনের ব্যবস্থা নেওয়া হচ্ছে।
বরখাস্ত হওয়া দুই
(প্রথম পৃষ্ঠার পর) দুই কর্মকর্তাকে বরখাস্ত করা হয়েছে।
সংবাদ প্রতিবেদন অনুযায়ী বিষয়টি নিয়ে সংশ্লিষ্ট মহলে আলোচনা চলছে। কর্মকর্তারা জানান, প্রয়োজনীয় পদক্ষেপ গ্রহণ করা হবে এবং দ্রুত সময়ের মধ্যে বিষয়টির সমাধান করা হবে। এ বিষয়ে বিস্তারিত তথ্য পরবর্তীতে জানানো হবে বলেও উল্লেখ করা হয়। সংশ্লিষ্টরা বলছেন, পরিস্থিতি স্বাভাবিক রাখতে সব ধরনের ব্যবস্থা নেওয়া হচ্ছে।
